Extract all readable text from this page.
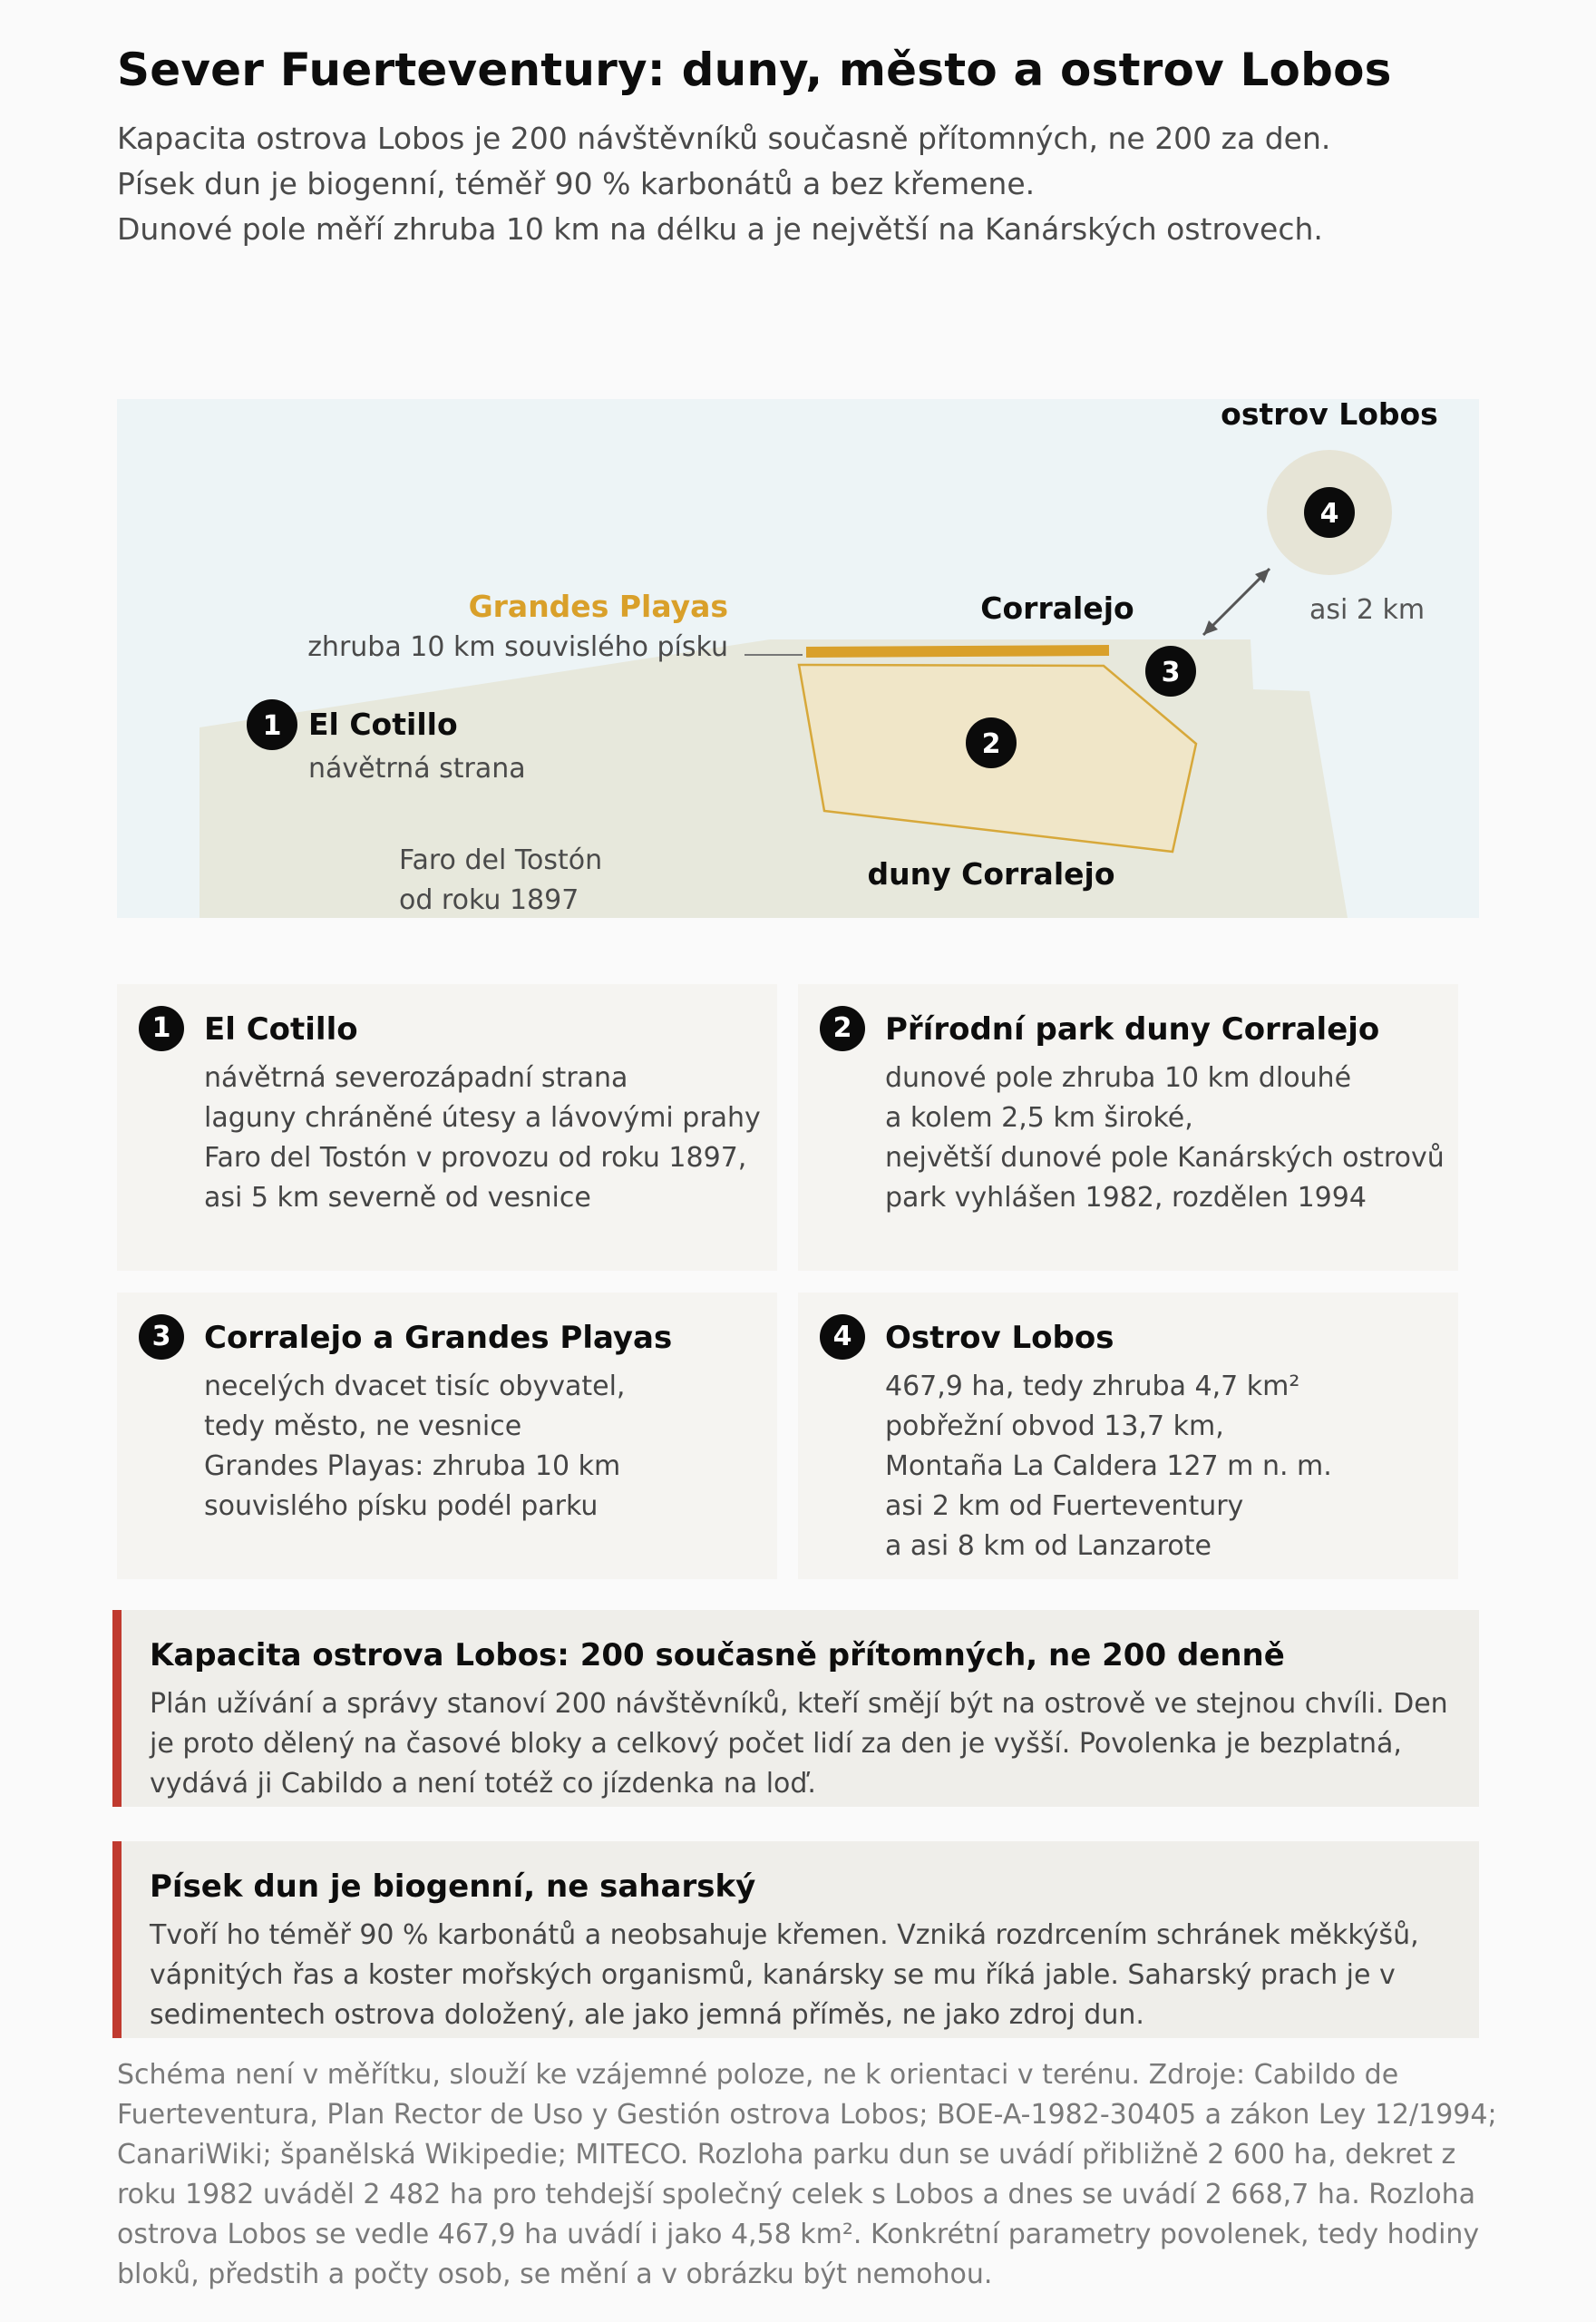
Sever Fuerteventury: duny, město a ostrov Lobos
Kapacita ostrova Lobos je 200 návštěvníků současně přítomných, ne 200 za den.
Písek dun je biogenní, téměř 90 % karbonátů a bez křemene.
Dunové pole měří zhruba 10 km na délku a je největší na Kanárských ostrovech.
1
2
3
4
ostrov Lobos
asi 2 km
Grandes Playas
zhruba 10 km souvislého písku
Corralejo
El Cotillo
návětrná strana
Faro del Tostón
od roku 1897
duny Corralejo
1	El Cotillo
návětrná severozápadní strana
laguny chráněné útesy a lávovými prahy
Faro del Tostón v provozu od roku 1897,
asi 5 km severně od vesnice
2	Přírodní park duny Corralejo
dunové pole zhruba 10 km dlouhé
a kolem 2,5 km široké,
největší dunové pole Kanárských ostrovů
park vyhlášen 1982, rozdělen 1994
3	Corralejo a Grandes Playas
necelých dvacet tisíc obyvatel,
tedy město, ne vesnice
Grandes Playas: zhruba 10 km
souvislého písku podél parku
4	Ostrov Lobos
467,9 ha, tedy zhruba 4,7 km²
pobřežní obvod 13,7 km,
Montaña La Caldera 127 m n. m.
asi 2 km od Fuerteventury
a asi 8 km od Lanzarote
Kapacita ostrova Lobos: 200 současně přítomných, ne 200 denně
Plán užívání a správy stanoví 200 návštěvníků, kteří smějí být na ostrově ve stejnou chvíli. Den
je proto dělený na časové bloky a celkový počet lidí za den je vyšší. Povolenka je bezplatná,
vydává ji Cabildo a není totéž co jízdenka na loď.
Písek dun je biogenní, ne saharský
Tvoří ho téměř 90 % karbonátů a neobsahuje křemen. Vzniká rozdrcením schránek měkkýšů,
vápnitých řas a koster mořských organismů, kanársky se mu říká jable. Saharský prach je v
sedimentech ostrova doložený, ale jako jemná příměs, ne jako zdroj dun.
Schéma není v měřítku, slouží ke vzájemné poloze, ne k orientaci v terénu. Zdroje: Cabildo de
Fuerteventura, Plan Rector de Uso y Gestión ostrova Lobos; BOE-A-1982-30405 a zákon Ley 12/1994;
CanariWiki; španělská Wikipedie; MITECO. Rozloha parku dun se uvádí přibližně 2 600 ha, dekret z
roku 1982 uváděl 2 482 ha pro tehdejší společný celek s Lobos a dnes se uvádí 2 668,7 ha. Rozloha
ostrova Lobos se vedle 467,9 ha uvádí i jako 4,58 km². Konkrétní parametry povolenek, tedy hodiny
bloků, předstih a počty osob, se mění a v obrázku být nemohou.
